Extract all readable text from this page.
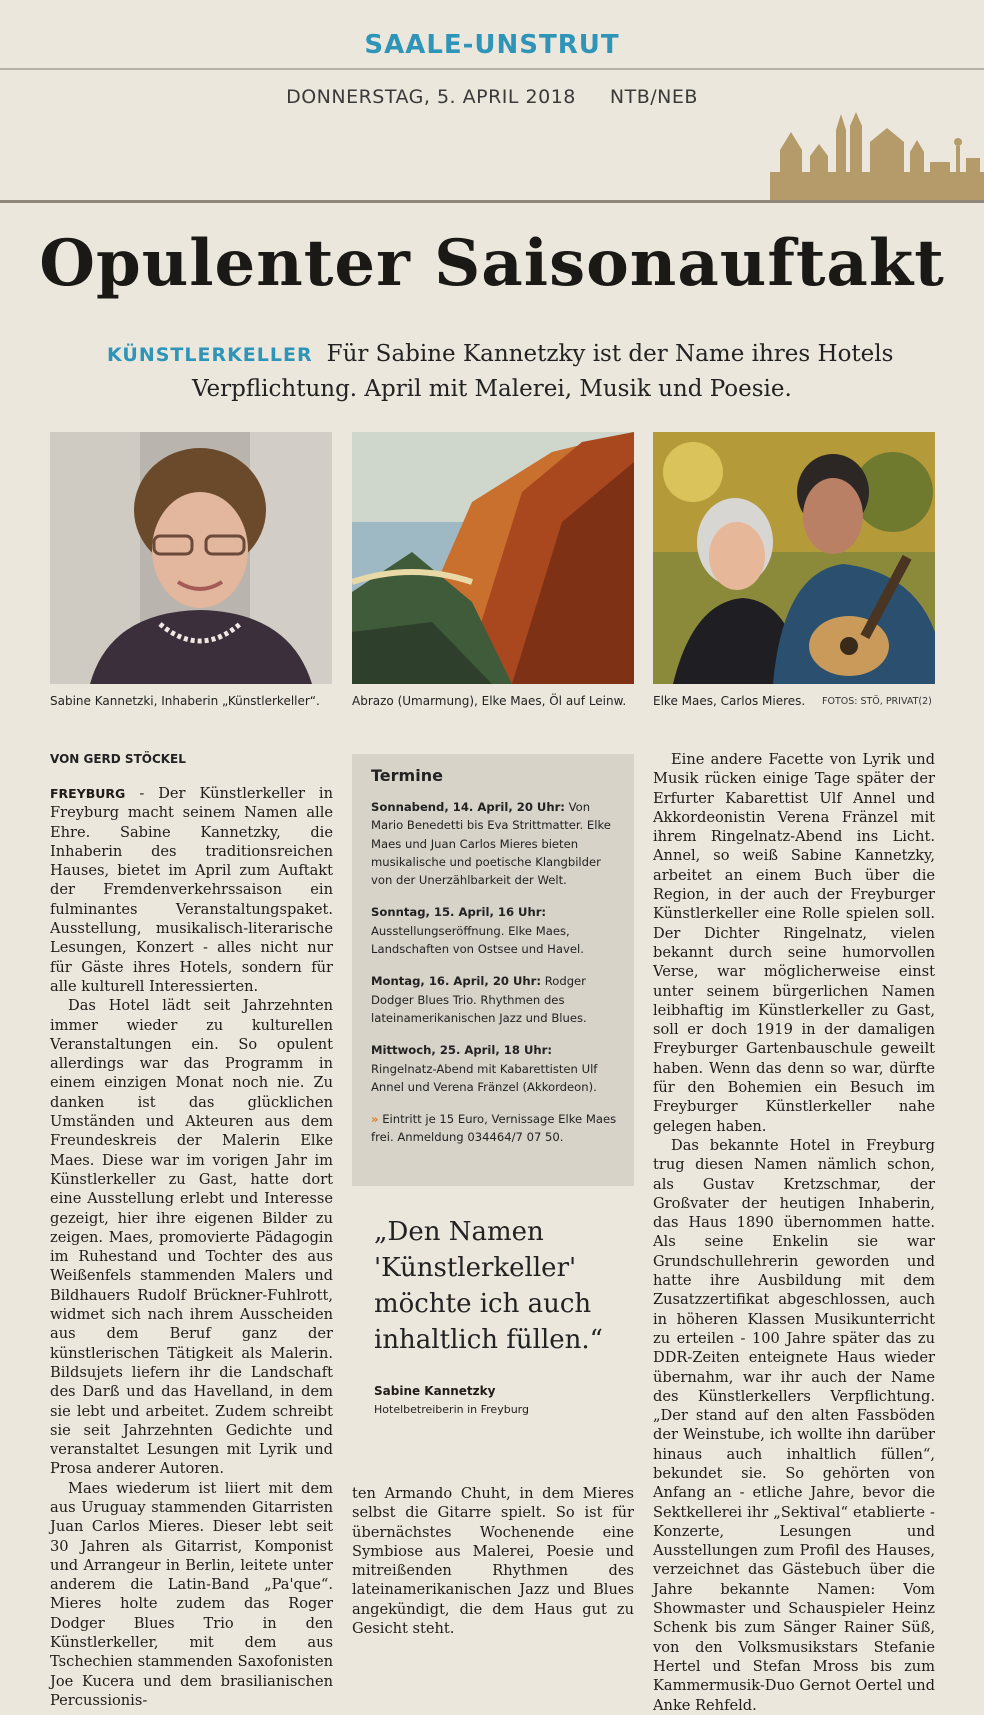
SAALE-UNSTRUT
DONNERSTAG, 5. APRIL 2018 NTB/NEB
Opulenter Saisonauftakt
KÜNSTLERKELLER Für Sabine Kannetzky ist der Name ihres Hotels
Verpflichtung. April mit Malerei, Musik und Poesie.
Sabine Kannetzki, Inhaberin „Künstlerkeller“.	Abrazo (Umarmung), Elke Maes, Öl auf Leinw. Elke Maes, Carlos Mieres. FOTOS: STÖ, PRIVAT(2)
VON GERD STÖCKEL

FREYBURG - Der Künstlerkeller in Freyburg macht seinem Namen alle Ehre. Sabine Kannetzky, die Inhaberin des traditionsreichen Hauses, bietet im April zum Auftakt der Fremdenverkehrssaison ein fulminantes Veranstaltungspaket. Ausstellung, musikalisch-literarische Lesungen, Konzert - alles nicht nur für Gäste ihres Hotels, sondern für alle kulturell Interessierten.

Das Hotel lädt seit Jahrzehnten immer wieder zu kulturellen Veranstaltungen ein. So opulent allerdings war das Programm in einem einzigen Monat noch nie. Zu danken ist das glücklichen Umständen und Akteuren aus dem Freundeskreis der Malerin Elke Maes. Diese war im vorigen Jahr im Künstlerkeller zu Gast, hatte dort eine Ausstellung erlebt und Interesse gezeigt, hier ihre eigenen Bilder zu zeigen. Maes, promovierte Pädagogin im Ruhestand und Tochter des aus Weißenfels stammenden Malers und Bildhauers Rudolf Brückner-Fuhlrott, widmet sich nach ihrem Ausscheiden aus dem Beruf ganz der künstlerischen Tätigkeit als Malerin. Bildsujets liefern ihr die Landschaft des Darß und das Havelland, in dem sie lebt und arbeitet. Zudem schreibt sie seit Jahrzehnten Gedichte und veranstaltet Lesungen mit Lyrik und Prosa anderer Autoren.

Maes wiederum ist liiert mit dem aus Uruguay stammenden Gitarristen Juan Carlos Mieres. Dieser lebt seit 30 Jahren als Gitarrist, Komponist und Arrangeur in Berlin, leitete unter anderem die Latin-Band „Pa'que“. Mieres holte zudem das Roger Dodger Blues Trio in den Künstlerkeller, mit dem aus Tschechien stammenden Saxofonisten Joe Kucera und dem brasilianischen Percussionis-

Termine

Sonnabend, 14. April, 20 Uhr: Von Mario Benedetti bis Eva Strittmatter. Elke Maes und Juan Carlos Mieres bieten musikalische und poetische Klangbilder von der Unerzählbarkeit der Welt.

Sonntag, 15. April, 16 Uhr: Ausstellungseröffnung. Elke Maes, Landschaften von Ostsee und Havel.

Montag, 16. April, 20 Uhr: Rodger Dodger Blues Trio. Rhythmen des lateinamerikanischen Jazz und Blues.

Mittwoch, 25. April, 18 Uhr: Ringelnatz-Abend mit Kabarettisten Ulf Annel und Verena Fränzel (Akkordeon).

» Eintritt je 15 Euro, Vernissage Elke Maes frei. Anmeldung 034464/7 07 50.

„Den Namen 'Künstlerkeller' möchte ich auch inhaltlich füllen.“
Sabine Kannetzky
Hotelbetreiberin in Freyburg

ten Armando Chuht, in dem Mieres selbst die Gitarre spielt. So ist für übernächstes Wochenende eine Symbiose aus Malerei, Poesie und mitreißenden Rhythmen des lateinamerikanischen Jazz und Blues angekündigt, die dem Haus gut zu Gesicht steht.

Eine andere Facette von Lyrik und Musik rücken einige Tage später der Erfurter Kabarettist Ulf Annel und Akkordeonistin Verena Fränzel mit ihrem Ringelnatz-Abend ins Licht. Annel, so weiß Sabine Kannetzky, arbeitet an einem Buch über die Region, in der auch der Freyburger Künstlerkeller eine Rolle spielen soll. Der Dichter Ringelnatz, vielen bekannt durch seine humorvollen Verse, war möglicherweise einst unter seinem bürgerlichen Namen leibhaftig im Künstlerkeller zu Gast, soll er doch 1919 in der damaligen Freyburger Gartenbauschule geweilt haben. Wenn das denn so war, dürfte für den Bohemien ein Besuch im Freyburger Künstlerkeller nahe gelegen haben.

Das bekannte Hotel in Freyburg trug diesen Namen nämlich schon, als Gustav Kretzschmar, der Großvater der heutigen Inhaberin, das Haus 1890 übernommen hatte. Als seine Enkelin sie war Grundschullehrerin geworden und hatte ihre Ausbildung mit dem Zusatzzertifikat abgeschlossen, auch in höheren Klassen Musikunterricht zu erteilen - 100 Jahre später das zu DDR-Zeiten enteignete Haus wieder übernahm, war ihr auch der Name des Künstlerkellers Verpflichtung. „Der stand auf den alten Fassböden der Weinstube, ich wollte ihn darüber hinaus auch inhaltlich füllen“, bekundet sie. So gehörten von Anfang an - etliche Jahre, bevor die Sektkellerei ihr „Sektival“ etablierte - Konzerte, Lesungen und Ausstellungen zum Profil des Hauses, verzeichnet das Gästebuch über die Jahre bekannte Namen: Vom Showmaster und Schauspieler Heinz Schenk bis zum Sänger Rainer Süß, von den Volksmusikstars Stefanie Hertel und Stefan Mross bis zum Kammermusik-Duo Gernot Oertel und Anke Rehfeld.
